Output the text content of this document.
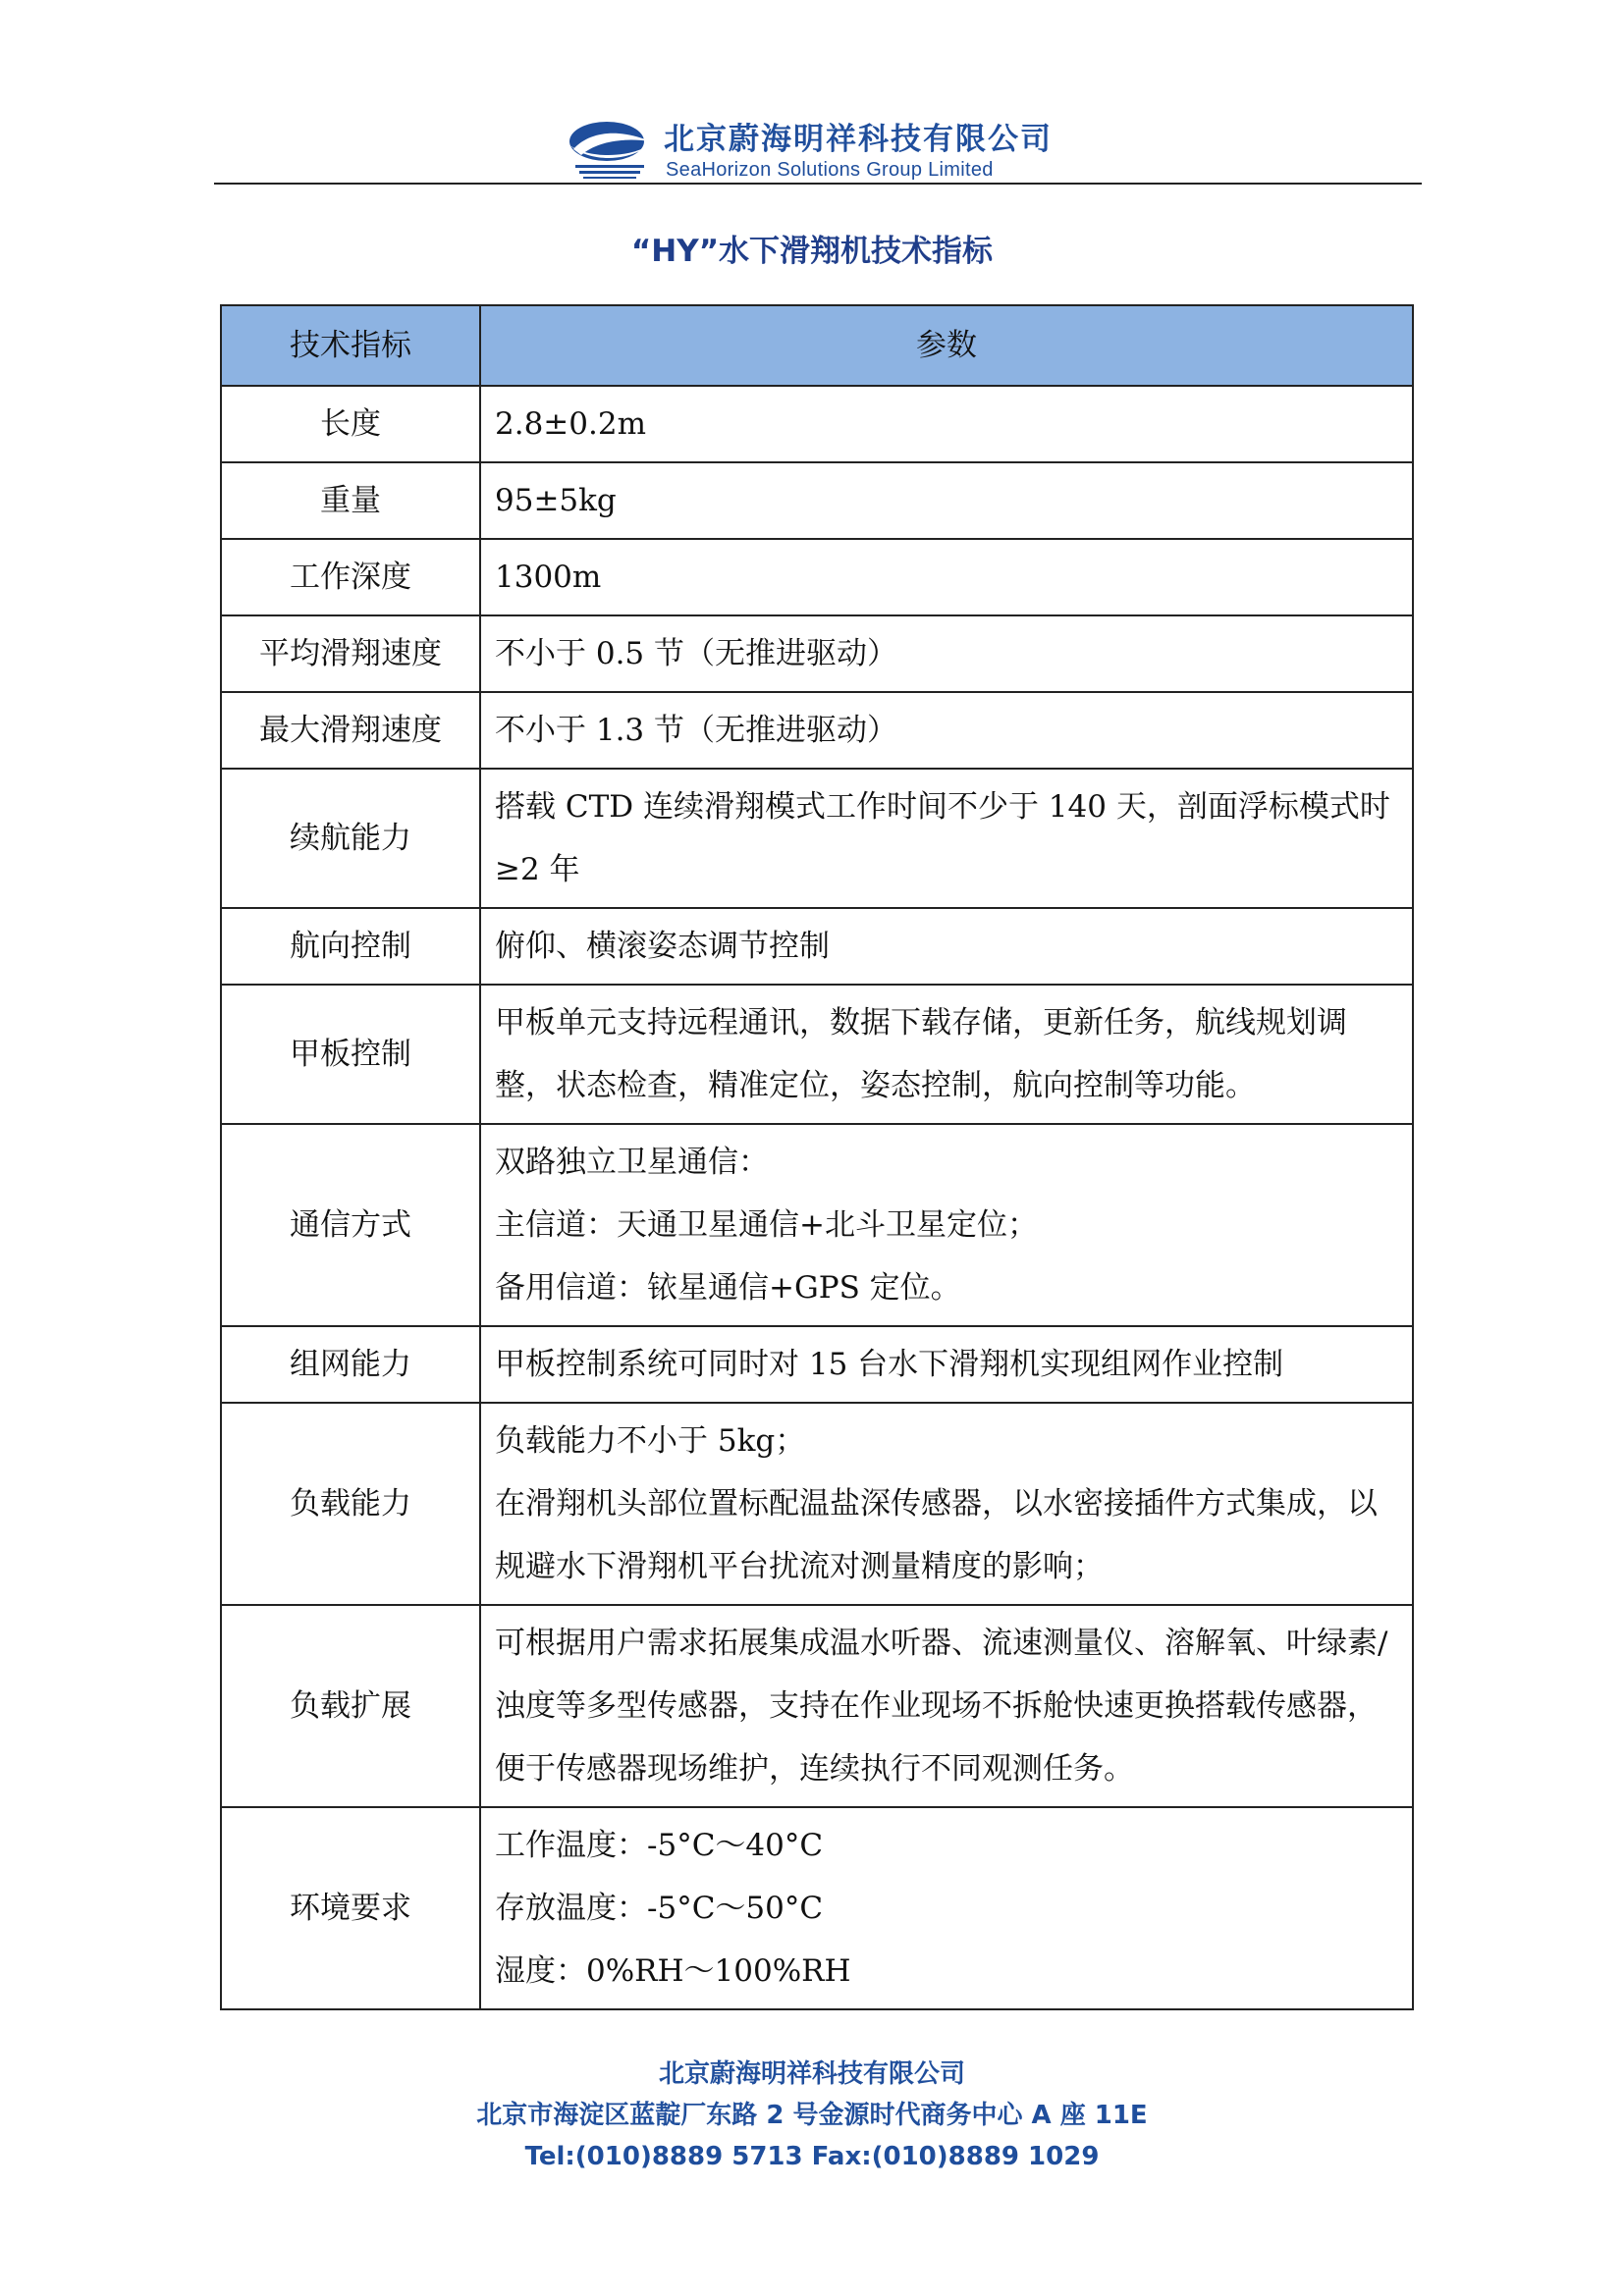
北京蔚海明祥科技有限公司
SeaHorizon Solutions Group Limited
“HY”水下滑翔机技术指标
技术指标	参数
长度	2.8±0.2m

重量	95±5kg

工作深度	1300m

平均滑翔速度	不小于 0.5 节（无推进驱动）

最大滑翔速度	不小于 1.3 节（无推进驱动）

续航能力	搭载 CTD 连续滑翔模式工作时间不少于 140 天，剖面浮标模式时≥2 年

航向控制	俯仰、横滚姿态调节控制

甲板控制	甲板单元支持远程通讯，数据下载存储，更新任务，航线规划调整，状态检查，精准定位，姿态控制，航向控制等功能。

通信方式	双路独立卫星通信：
主信道：天通卫星通信+北斗卫星定位；
备用信道：铱星通信+GPS 定位。

组网能力	甲板控制系统可同时对 15 台水下滑翔机实现组网作业控制

负载能力	负载能力不小于 5kg；
在滑翔机头部位置标配温盐深传感器，以水密接插件方式集成，以规避水下滑翔机平台扰流对测量精度的影响；

负载扩展	可根据用户需求拓展集成温水听器、流速测量仪、溶解氧、叶绿素/浊度等多型传感器，支持在作业现场不拆舱快速更换搭载传感器，便于传感器现场维护，连续执行不同观测任务。

环境要求	工作温度：-5°C～40°C
存放温度：-5°C～50°C
湿度：0%RH～100%RH
北京蔚海明祥科技有限公司
北京市海淀区蓝靛厂东路 2 号金源时代商务中心 A 座 11E
Tel:(010)8889 5713 Fax:(010)8889 1029
